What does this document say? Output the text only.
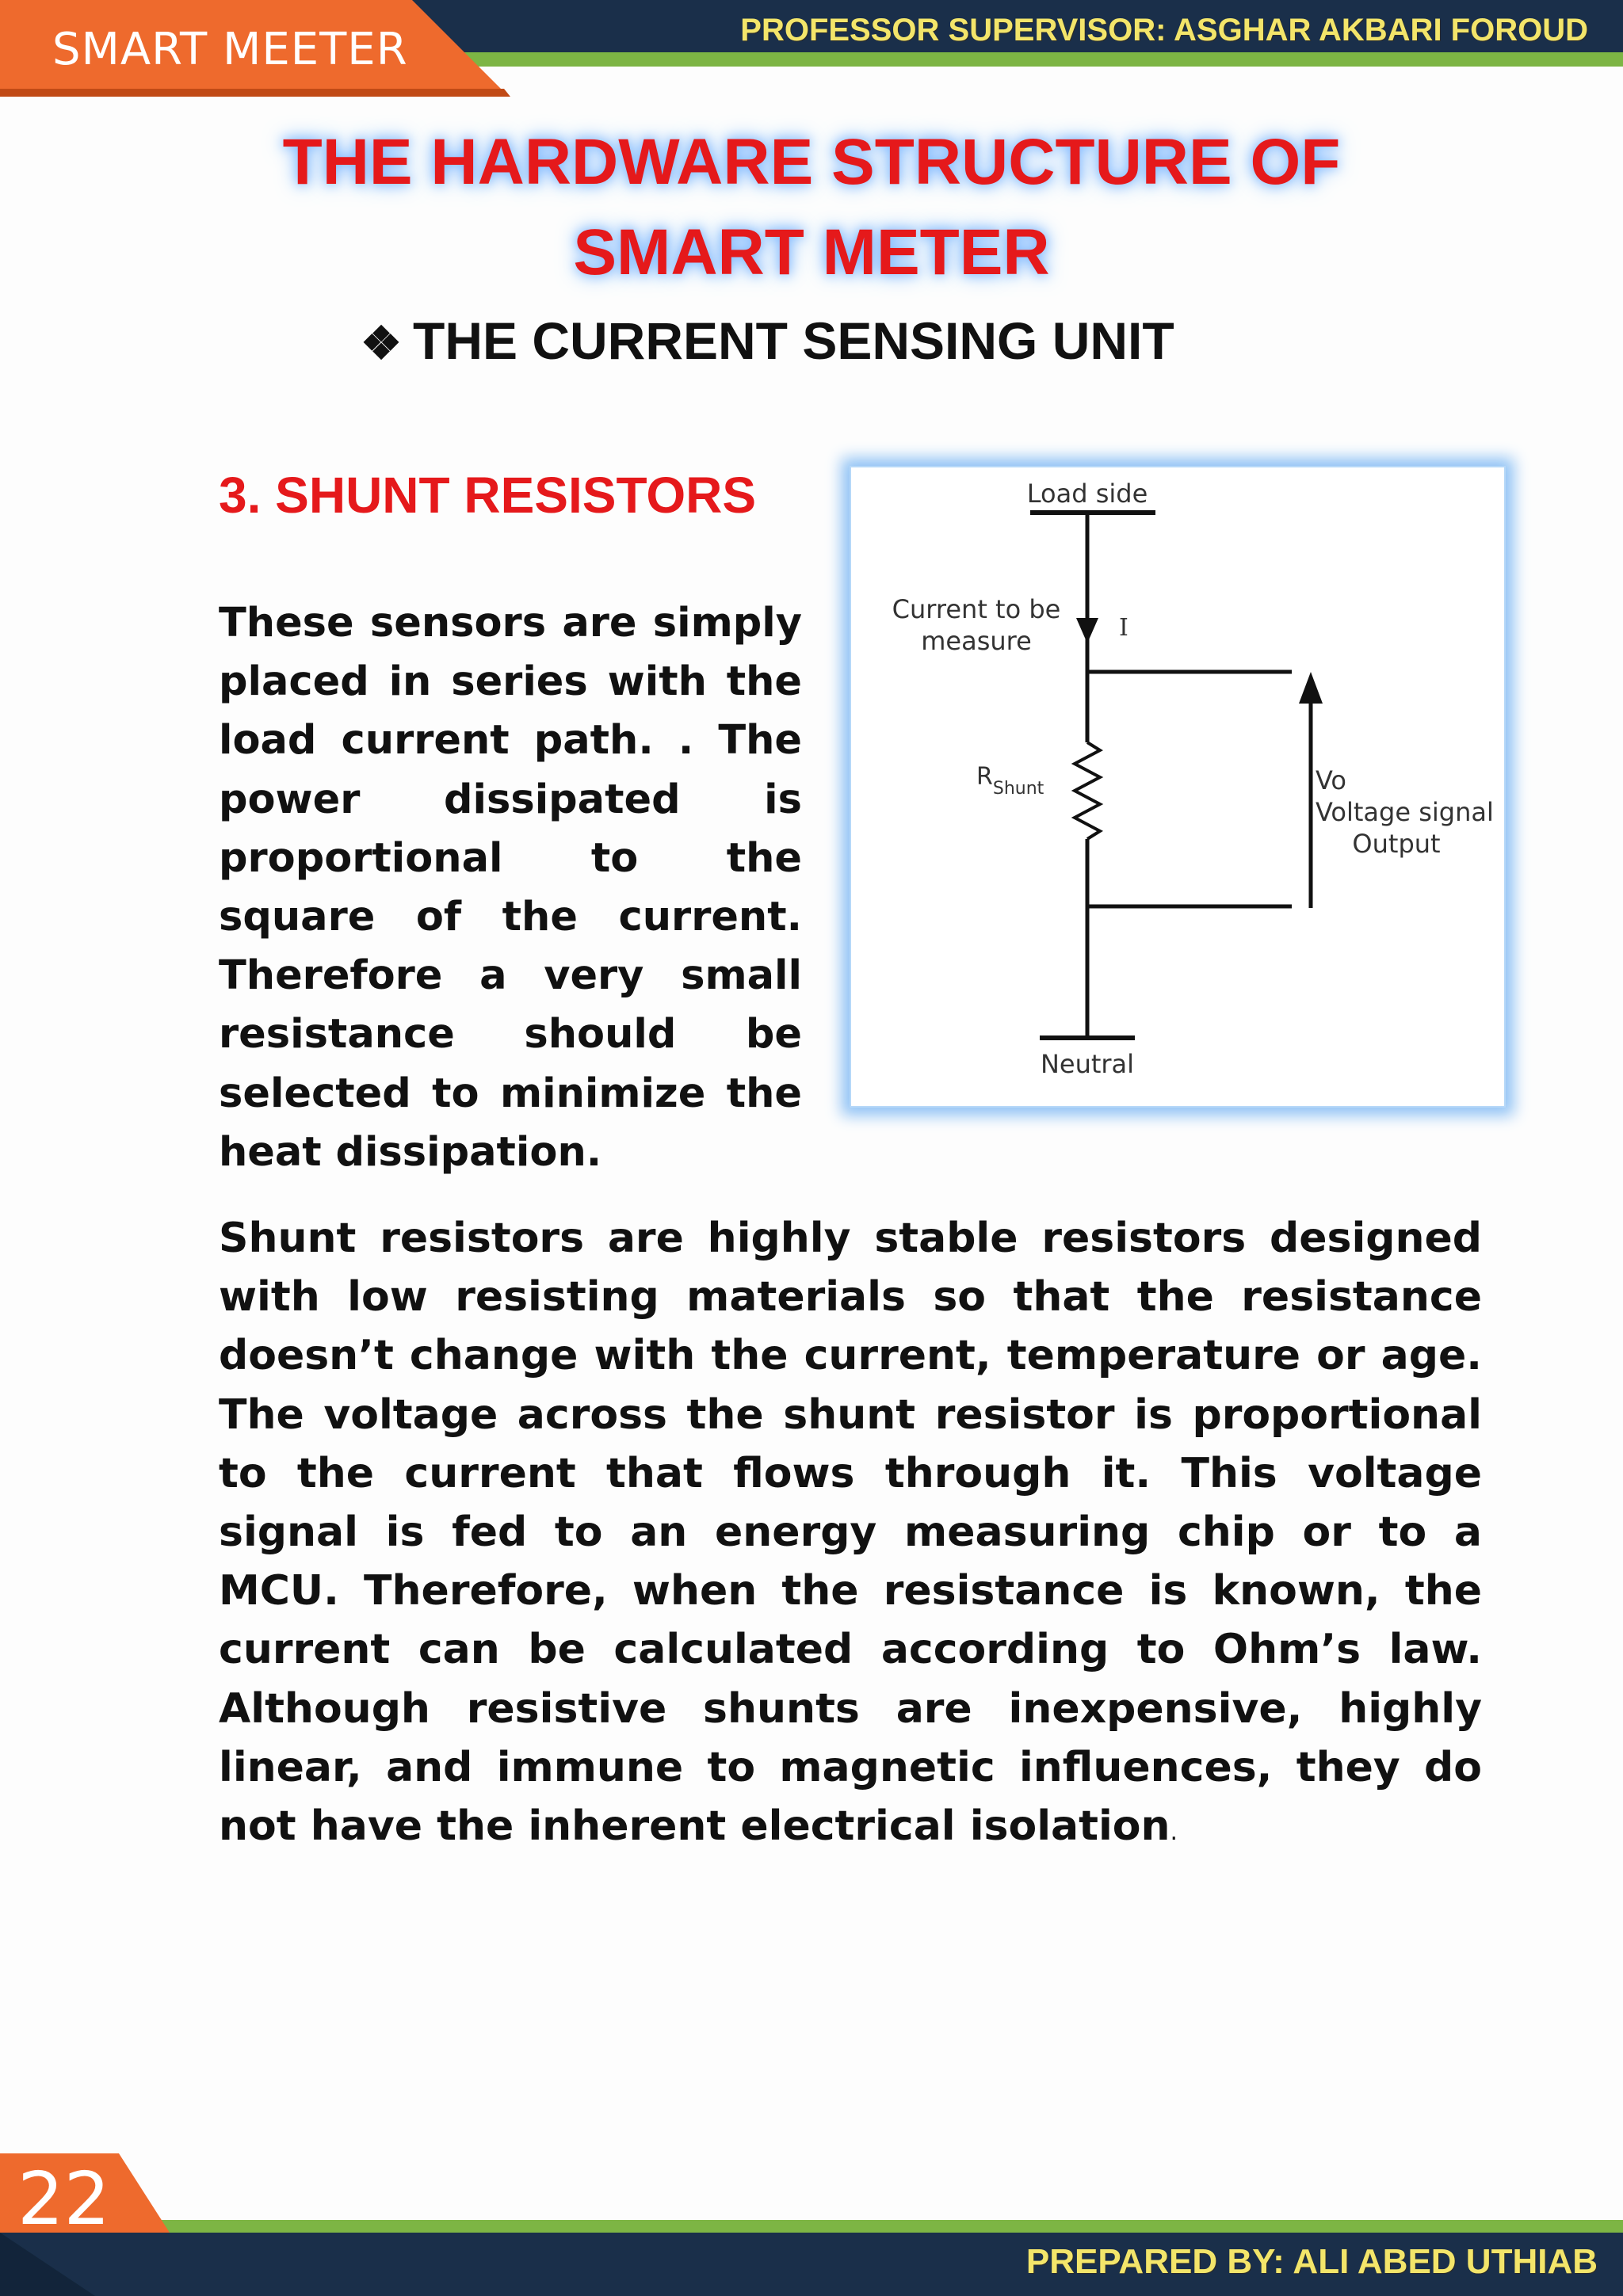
SMART MEETER	PROFESSOR SUPERVISOR: ASGHAR AKBARI FOROUD
THE HARDWARE STRUCTURE OF
SMART METER
❖ THE CURRENT SENSING UNIT
3. SHUNT RESISTORS
These sensors are simply placed in series with the load current path. . The power dissipated is proportional to the square of the current. Therefore a very small resistance should be selected to minimize the heat dissipation.
Load side
Current to be
measure	I
$R_{Shunt}$	Vo
Voltage signal
Output
Neutral
Shunt resistors are highly stable resistors designed with low resisting materials so that the resistance doesn’t change with the current, temperature or age. The voltage across the shunt resistor is proportional to the current that flows through it. This voltage signal is fed to an energy measuring chip or to a MCU. Therefore, when the resistance is known, the current can be calculated according to Ohm’s law. Although resistive shunts are inexpensive, highly linear, and immune to magnetic influences, they do not have the inherent electrical isolation.
22
PREPARED BY: ALI ABED UTHIAB
